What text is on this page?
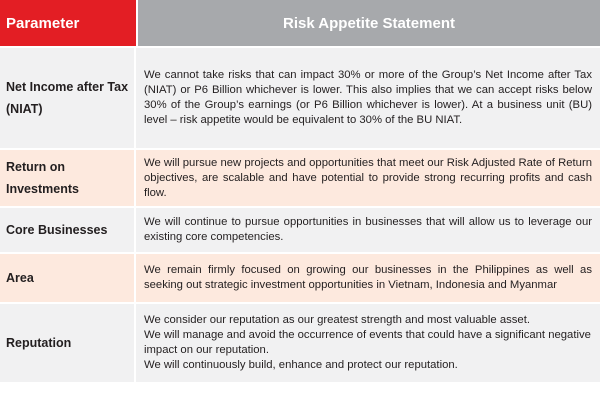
Parameter	Risk Appetite Statement
Net Income after Tax (NIAT)
We cannot take risks that can impact 30% or more of the Group’s Net Income after Tax (NIAT) or P6 Billion whichever is lower. This also implies that we can accept risks below 30% of the Group’s earnings (or P6 Billion whichever is lower). At a business unit (BU) level – risk appetite would be equivalent to 30% of the BU NIAT.
Return on Investments
We will pursue new projects and opportunities that meet our Risk Adjusted Rate of Return objectives, are scalable and have potential to provide strong recurring profits and cash flow.
Core Businesses
We will continue to pursue opportunities in businesses that will allow us to leverage our existing core competencies.
Area
We remain firmly focused on growing our businesses in the Philippines as well as seeking out strategic investment opportunities in Vietnam, Indonesia and Myanmar
Reputation
We consider our reputation as our greatest strength and most valuable asset.
We will manage and avoid the occurrence of events that could have a significant negative impact on our reputation.
We will continuously build, enhance and protect our reputation.
